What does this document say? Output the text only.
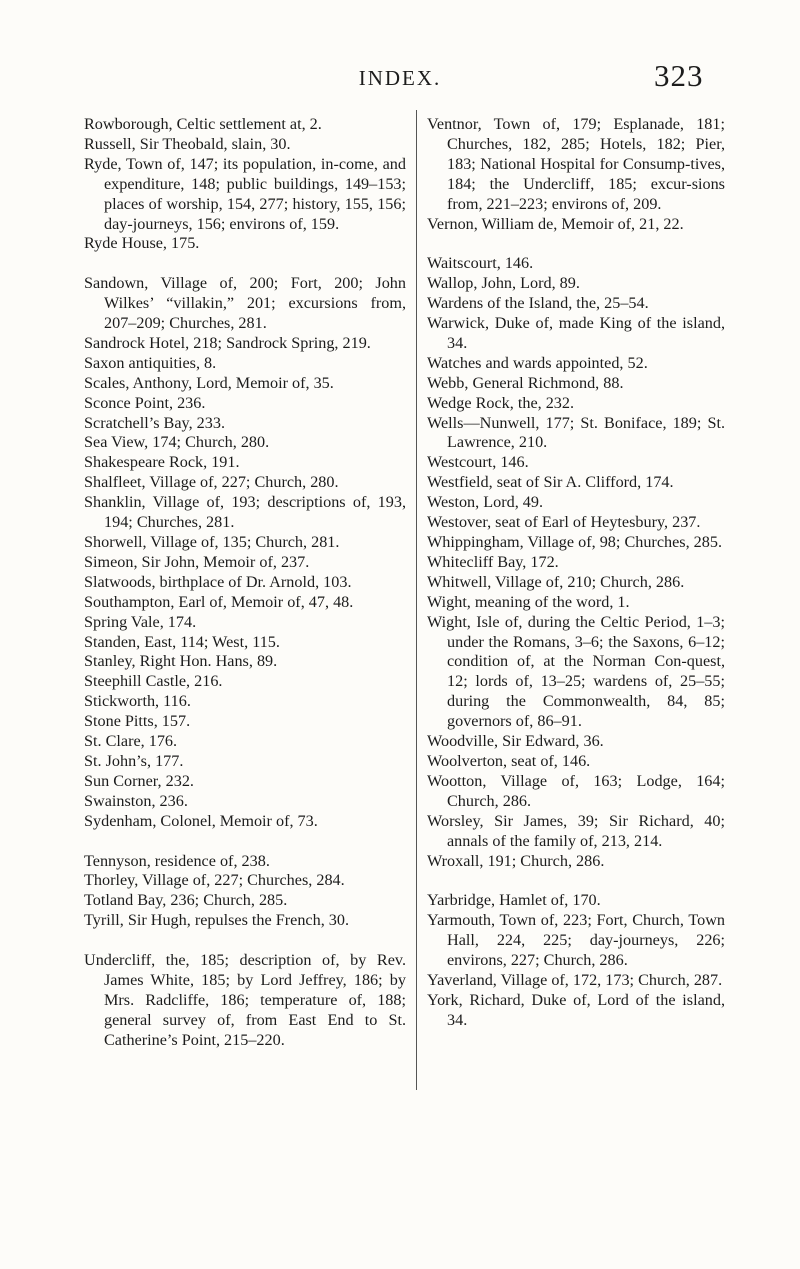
INDEX.	323

Rowborough, Celtic settlement at, 2.

Russell, Sir Theobald, slain, 30.

Ryde, Town of, 147; its population, in-come, and expenditure, 148; public buildings, 149–153; places of worship, 154, 277; history, 155, 156; day-journeys, 156; environs of, 159.

Ryde House, 175.

Sandown, Village of, 200; Fort, 200; John Wilkes’ “villakin,” 201; excursions from, 207–209; Churches, 281.

Sandrock Hotel, 218; Sandrock Spring, 219.

Saxon antiquities, 8.

Scales, Anthony, Lord, Memoir of, 35.

Sconce Point, 236.

Scratchell’s Bay, 233.

Sea View, 174; Church, 280.

Shakespeare Rock, 191.

Shalfleet, Village of, 227; Church, 280.

Shanklin, Village of, 193; descriptions of, 193, 194; Churches, 281.

Shorwell, Village of, 135; Church, 281.

Simeon, Sir John, Memoir of, 237.

Slatwoods, birthplace of Dr. Arnold, 103.

Southampton, Earl of, Memoir of, 47, 48.

Spring Vale, 174.

Standen, East, 114; West, 115.

Stanley, Right Hon. Hans, 89.

Steephill Castle, 216.

Stickworth, 116.

Stone Pitts, 157.

St. Clare, 176.

St. John’s, 177.

Sun Corner, 232.

Swainston, 236.

Sydenham, Colonel, Memoir of, 73.

Tennyson, residence of, 238.

Thorley, Village of, 227; Churches, 284.

Totland Bay, 236; Church, 285.

Tyrill, Sir Hugh, repulses the French, 30.

Undercliff, the, 185; description of, by Rev. James White, 185; by Lord Jeffrey, 186; by Mrs. Radcliffe, 186; temperature of, 188; general survey of, from East End to St. Catherine’s Point, 215–220.

Ventnor, Town of, 179; Esplanade, 181; Churches, 182, 285; Hotels, 182; Pier, 183; National Hospital for Consump-tives, 184; the Undercliff, 185; excur-sions from, 221–223; environs of, 209.

Vernon, William de, Memoir of, 21, 22.

Waitscourt, 146.

Wallop, John, Lord, 89.

Wardens of the Island, the, 25–54.

Warwick, Duke of, made King of the island, 34.

Watches and wards appointed, 52.

Webb, General Richmond, 88.

Wedge Rock, the, 232.

Wells—Nunwell, 177; St. Boniface, 189; St. Lawrence, 210.

Westcourt, 146.

Westfield, seat of Sir A. Clifford, 174.

Weston, Lord, 49.

Westover, seat of Earl of Heytesbury, 237.

Whippingham, Village of, 98; Churches, 285.

Whitecliff Bay, 172.

Whitwell, Village of, 210; Church, 286.

Wight, meaning of the word, 1.

Wight, Isle of, during the Celtic Period, 1–3; under the Romans, 3–6; the Saxons, 6–12; condition of, at the Norman Con-quest, 12; lords of, 13–25; wardens of, 25–55; during the Commonwealth, 84, 85; governors of, 86–91.

Woodville, Sir Edward, 36.

Woolverton, seat of, 146.

Wootton, Village of, 163; Lodge, 164; Church, 286.

Worsley, Sir James, 39; Sir Richard, 40; annals of the family of, 213, 214.

Wroxall, 191; Church, 286.

Yarbridge, Hamlet of, 170.

Yarmouth, Town of, 223; Fort, Church, Town Hall, 224, 225; day-journeys, 226; environs, 227; Church, 286.

Yaverland, Village of, 172, 173; Church, 287.

York, Richard, Duke of, Lord of the island, 34.
